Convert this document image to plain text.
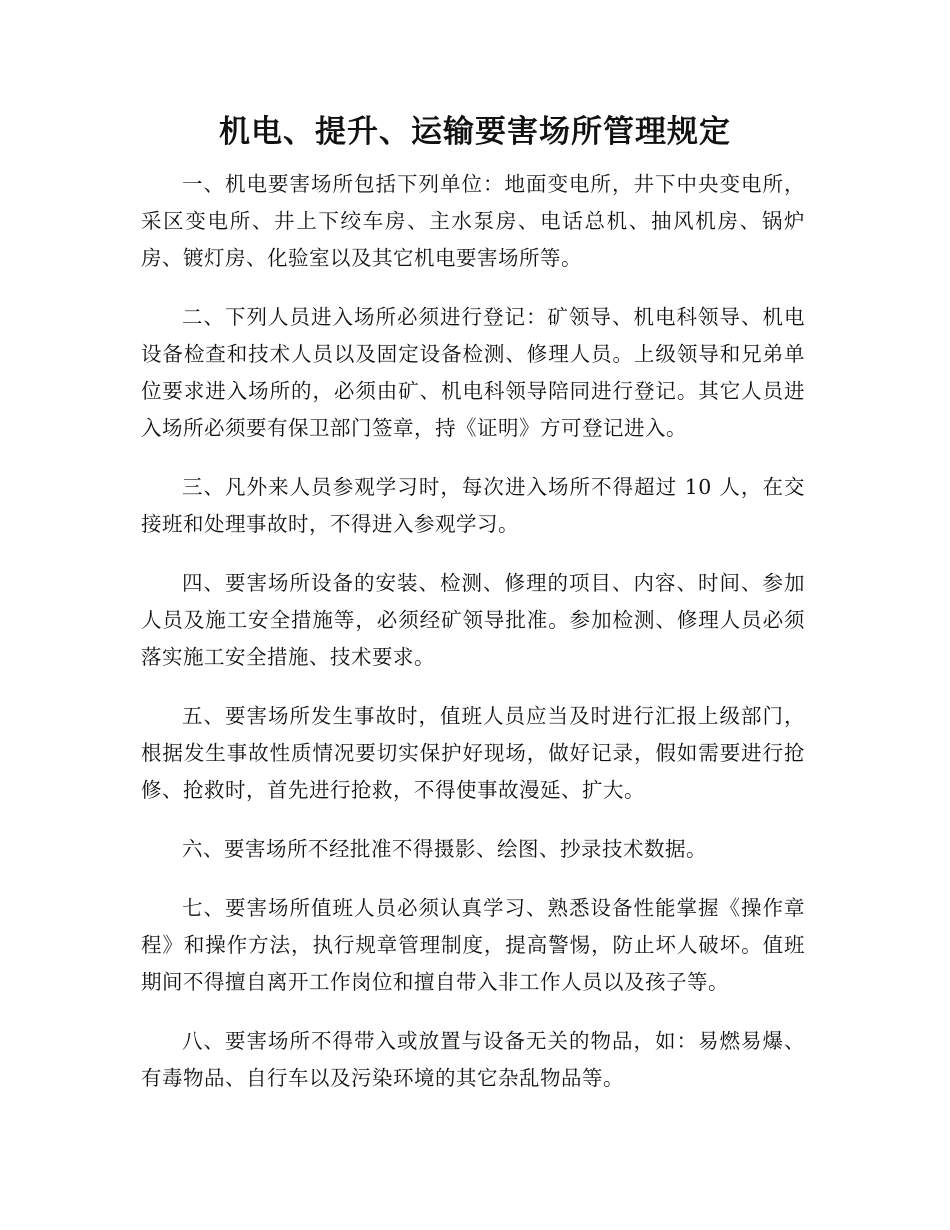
机电、提升、运输要害场所管理规定

一、机电要害场所包括下列单位：地面变电所，井下中央变电所，采区变电所、井上下绞车房、主水泵房、电话总机、抽风机房、锅炉房、镀灯房、化验室以及其它机电要害场所等。

二、下列人员进入场所必须进行登记：矿领导、机电科领导、机电设备检查和技术人员以及固定设备检测、修理人员。上级领导和兄弟单位要求进入场所的，必须由矿、机电科领导陪同进行登记。其它人员进入场所必须要有保卫部门签章，持《证明》方可登记进入。

三、凡外来人员参观学习时，每次进入场所不得超过 10 人，在交接班和处理事故时，不得进入参观学习。

四、要害场所设备的安装、检测、修理的项目、内容、时间、参加人员及施工安全措施等，必须经矿领导批准。参加检测、修理人员必须落实施工安全措施、技术要求。

五、要害场所发生事故时，值班人员应当及时进行汇报上级部门，根据发生事故性质情况要切实保护好现场，做好记录，假如需要进行抢修、抢救时，首先进行抢救，不得使事故漫延、扩大。

六、要害场所不经批准不得摄影、绘图、抄录技术数据。

七、要害场所值班人员必须认真学习、熟悉设备性能掌握《操作章程》和操作方法，执行规章管理制度，提高警惕，防止坏人破坏。值班期间不得擅自离开工作岗位和擅自带入非工作人员以及孩子等。

八、要害场所不得带入或放置与设备无关的物品，如：易燃易爆、有毒物品、自行车以及污染环境的其它杂乱物品等。
